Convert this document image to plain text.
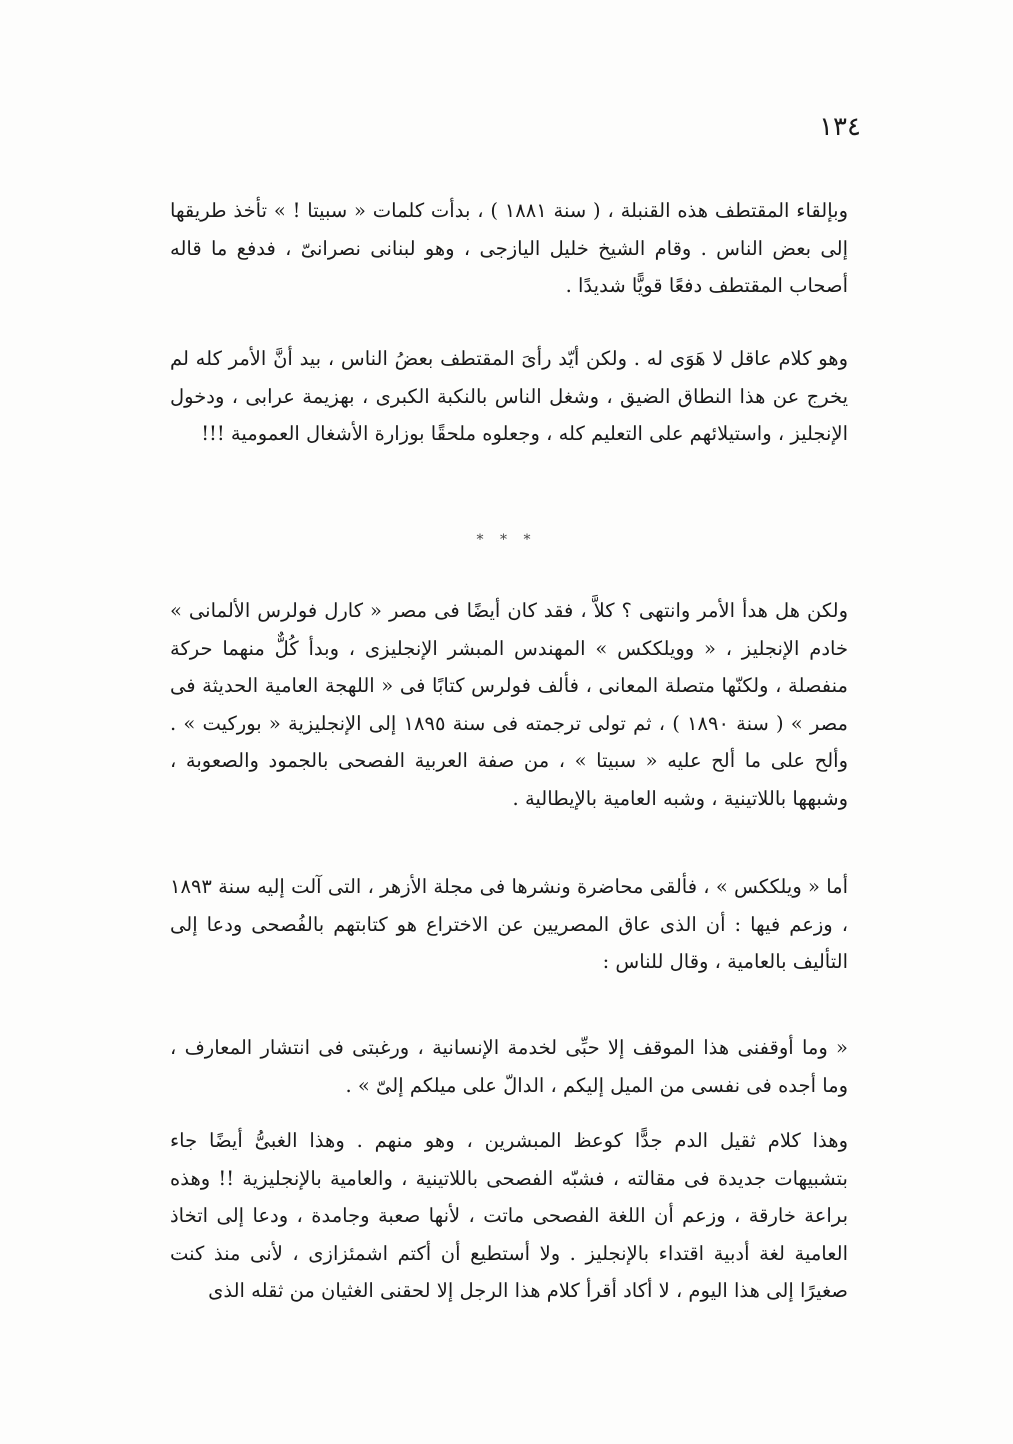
١٣٤

وبإلقاء المقتطف هذه القنبلة ، ( سنة ١٨٨١ ) ، بدأت كلمات « سبيتا ! » تأخذ طريقها إلى بعض الناس . وقام الشيخ خليل اليازجى ، وهو لبنانى نصرانىّ ، فدفع ما قاله أصحاب المقتطف دفعًا قويًّا شديدًا .

وهو كلام عاقل لا هَوَى له . ولكن أيّد رأىَ المقتطف بعضُ الناس ، بيد أنَّ الأمر كله لم يخرج عن هذا النطاق الضيق ، وشغل الناس بالنكبة الكبرى ، بهزيمة عرابى ، ودخول الإنجليز ، واستيلائهم على التعليم كله ، وجعلوه ملحقًا بوزارة الأشغال العمومية !!!

* * *

ولكن هل هدأ الأمر وانتهى ؟ كلاَّ ، فقد كان أيضًا فى مصر « كارل فولرس الألمانى » خادم الإنجليز ، « وويلككس » المهندس المبشر الإنجليزى ، وبدأ كُلٌّ منهما حركة منفصلة ، ولكنّها متصلة المعانى ، فألف فولرس كتابًا فى « اللهجة العامية الحديثة فى مصر » ( سنة ١٨٩٠ ) ، ثم تولى ترجمته فى سنة ١٨٩٥ إلى الإنجليزية « بوركيت » . وألح على ما ألح عليه « سبيتا » ، من صفة العربية الفصحى بالجمود والصعوبة ، وشبهها باللاتينية ، وشبه العامية بالإيطالية .

أما « ويلككس » ، فألقى محاضرة ونشرها فى مجلة الأزهر ، التى آلت إليه سنة ١٨٩٣ ، وزعم فيها : أن الذى عاق المصريين عن الاختراع هو كتابتهم بالفُصحى ودعا إلى التأليف بالعامية ، وقال للناس :

« وما أوقفنى هذا الموقف إلا حبِّى لخدمة الإنسانية ، ورغبتى فى انتشار المعارف ، وما أجده فى نفسى من الميل إليكم ، الدالّ على ميلكم إلىّ » .

وهذا كلام ثقيل الدم جدًّا كوعظ المبشرين ، وهو منهم . وهذا الغبىُّ أيضًا جاء بتشبيهات جديدة فى مقالته ، فشبّه الفصحى باللاتينية ، والعامية بالإنجليزية !! وهذه براعة خارقة ، وزعم أن اللغة الفصحى ماتت ، لأنها صعبة وجامدة ، ودعا إلى اتخاذ العامية لغة أدبية اقتداء بالإنجليز . ولا أستطيع أن أكتم اشمئزازى ، لأنى منذ كنت صغيرًا إلى هذا اليوم ، لا أكاد أقرأ كلام هذا الرجل إلا لحقنى الغثيان من ثقله الذى
